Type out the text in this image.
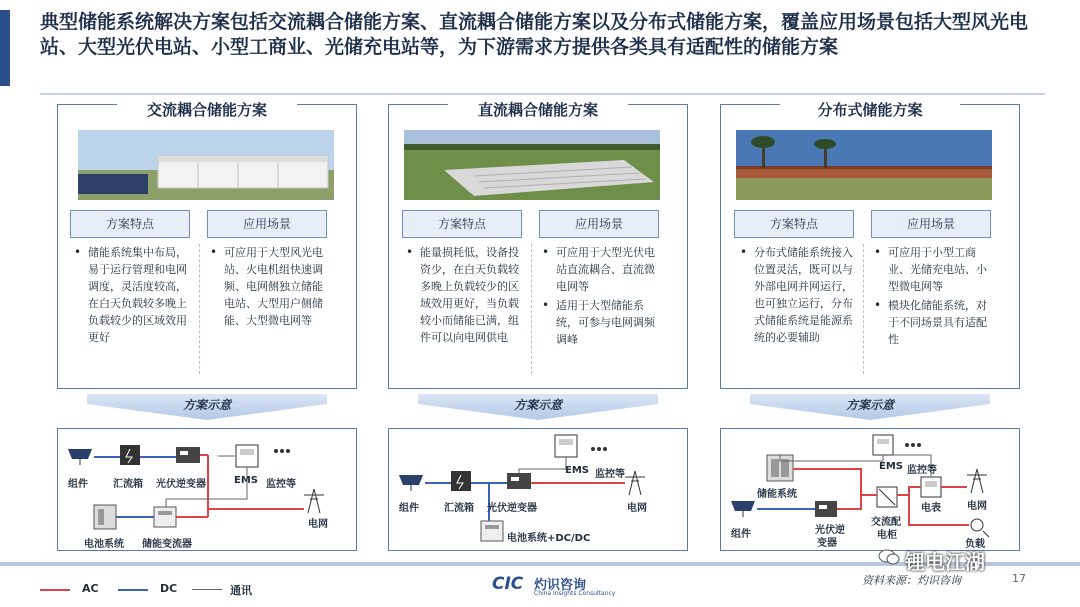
典型储能系统解决方案包括交流耦合储能方案、直流耦合储能方案以及分布式储能方案，覆盖应用场景包括大型风光电站、大型光伏电站、小型工商业、光储充电站等，为下游需求方提供各类具有适配性的储能方案
交流耦合储能方案
方案特点	应用场景
• 储能系统集中布局，易于运行管理和电网调度，灵活度较高，在白天负载较多晚上负载较少的区域效用更好
• 可应用于大型风光电站、火电机组快速调频、电网侧独立储能电站、大型用户侧储能、大型微电网等
直流耦合储能方案
方案特点	应用场景
• 能量损耗低，设备投资少，在白天负载较多晚上负载较少的区域效用更好，当负载较小而储能已满，组件可以向电网供电
• 可应用于大型光伏电站直流耦合、直流微电网等
• 适用于大型储能系统，可参与电网调频调峰
分布式储能方案
方案特点	应用场景
• 分布式储能系统接入位置灵活，既可以与外部电网并网运行，也可独立运行，分布式储能系统是能源系统的必要辅助
• 可应用于小型工商业、光储充电站、小型微电网等
• 模块化储能系统，对于不同场景具有适配性
方案示意	方案示意	方案示意
组件	汇流箱 光伏逆变器	EMS 监控等
电网
电池系统 储能变流器
EMS 监控等
组件	汇流箱 光伏逆变器	电网
电池系统+DC/DC
EMS 监控等
储能系统
组件	光伏逆
变器
交流配
电柜
电表	电网
负载
AC	DC	通讯	CIC 灼识咨询
China Insights Consultancy
锂电江湖
资料来源：灼识咨询	17
